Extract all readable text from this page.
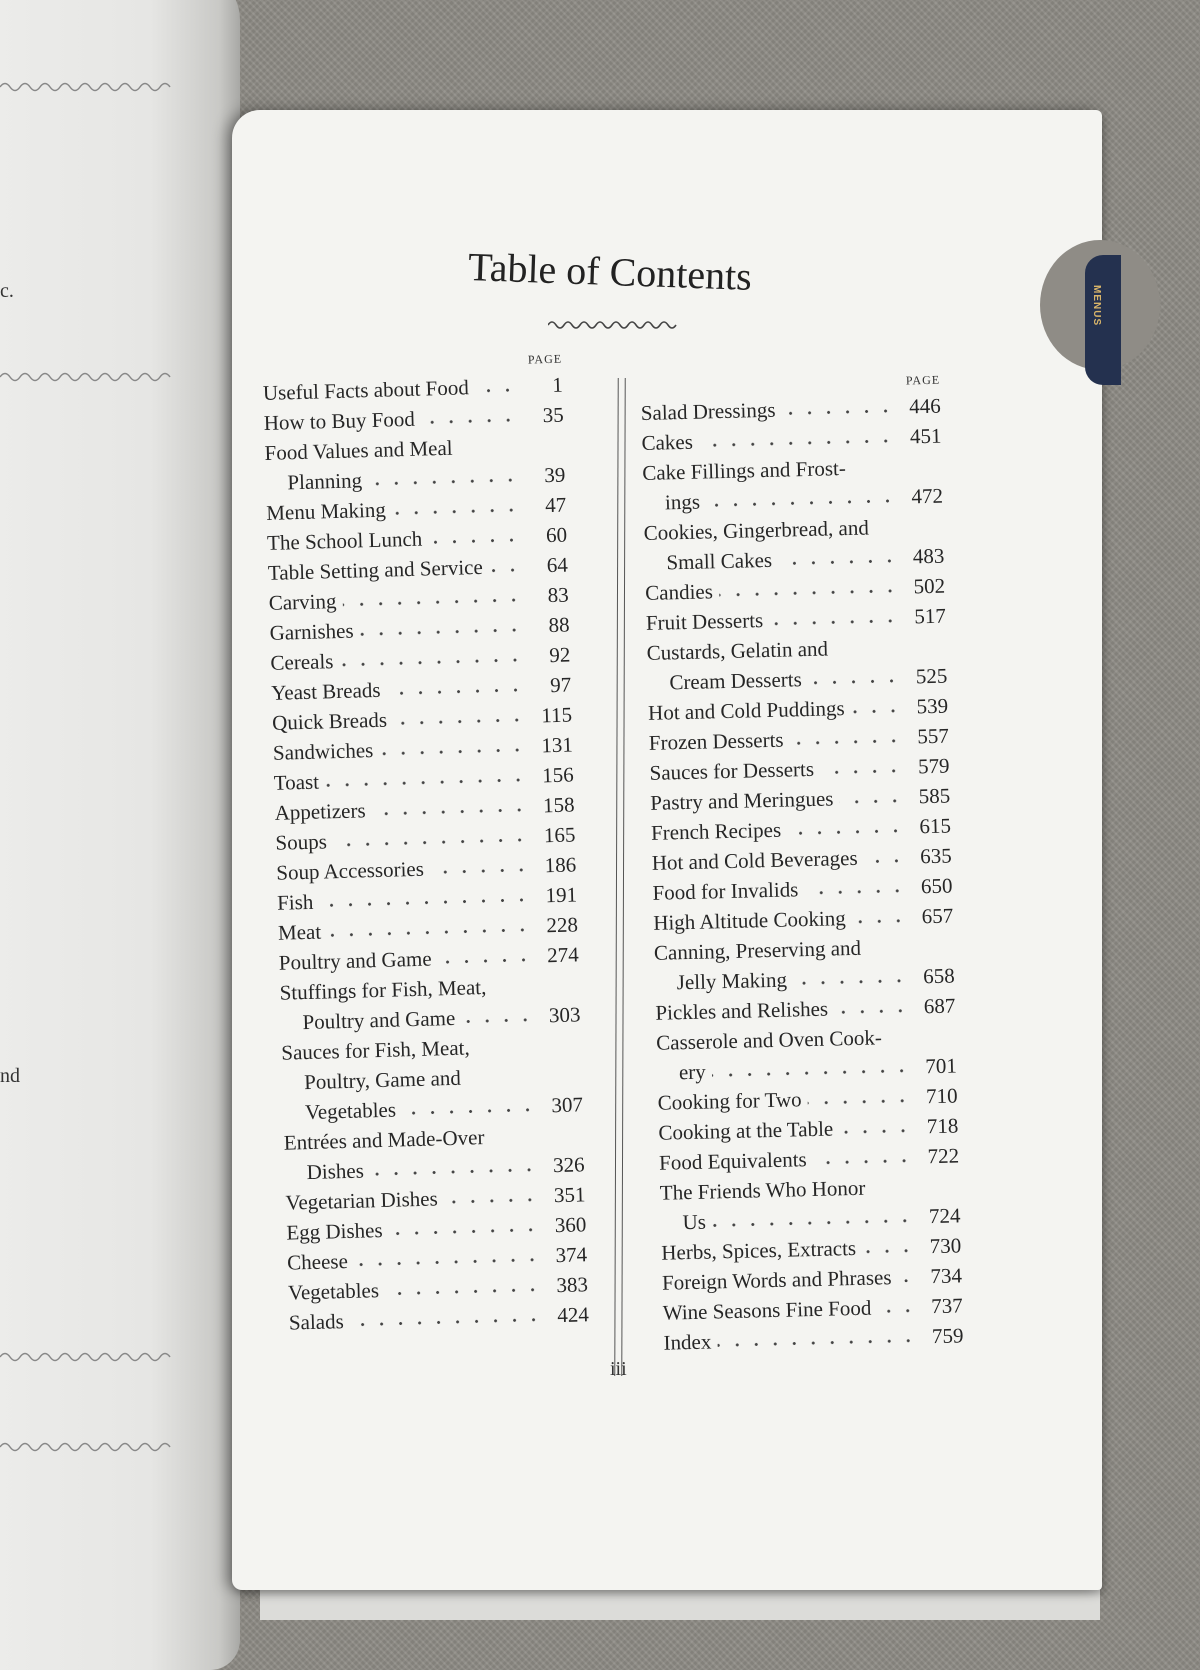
c.
nd
MENUS
Table of Contents
PAGE
Useful Facts about Food	1
How to Buy Food	35
Food Values and Meal
Planning	39
Menu Making	47
The School Lunch	60
Table Setting and Service	64
Carving	83
Garnishes	88
Cereals	92
Yeast Breads	97
Quick Breads	115
Sandwiches	131
Toast	156
Appetizers	158
Soups	165
Soup Accessories	186
Fish	191
Meat	228
Poultry and Game	274
Stuffings for Fish, Meat,
Poultry and Game	303
Sauces for Fish, Meat,
Poultry, Game and
Vegetables	307
Entrées and Made-Over
Dishes	326
Vegetarian Dishes	351
Egg Dishes	360
Cheese	374
Vegetables	383
Salads	424
PAGE
Salad Dressings	446
Cakes	451
Cake Fillings and Frost-
ings	472
Cookies, Gingerbread, and
Small Cakes	483
Candies	502
Fruit Desserts	517
Custards, Gelatin and
Cream Desserts	525
Hot and Cold Puddings	539
Frozen Desserts	557
Sauces for Desserts	579
Pastry and Meringues	585
French Recipes	615
Hot and Cold Beverages	635
Food for Invalids	650
High Altitude Cooking	657
Canning, Preserving and
Jelly Making	658
Pickles and Relishes	687
Casserole and Oven Cook-
ery	701
Cooking for Two	710
Cooking at the Table	718
Food Equivalents	722
The Friends Who Honor
Us	724
Herbs, Spices, Extracts	730
Foreign Words and Phrases	734
Wine Seasons Fine Food	737
Index	759
iii
